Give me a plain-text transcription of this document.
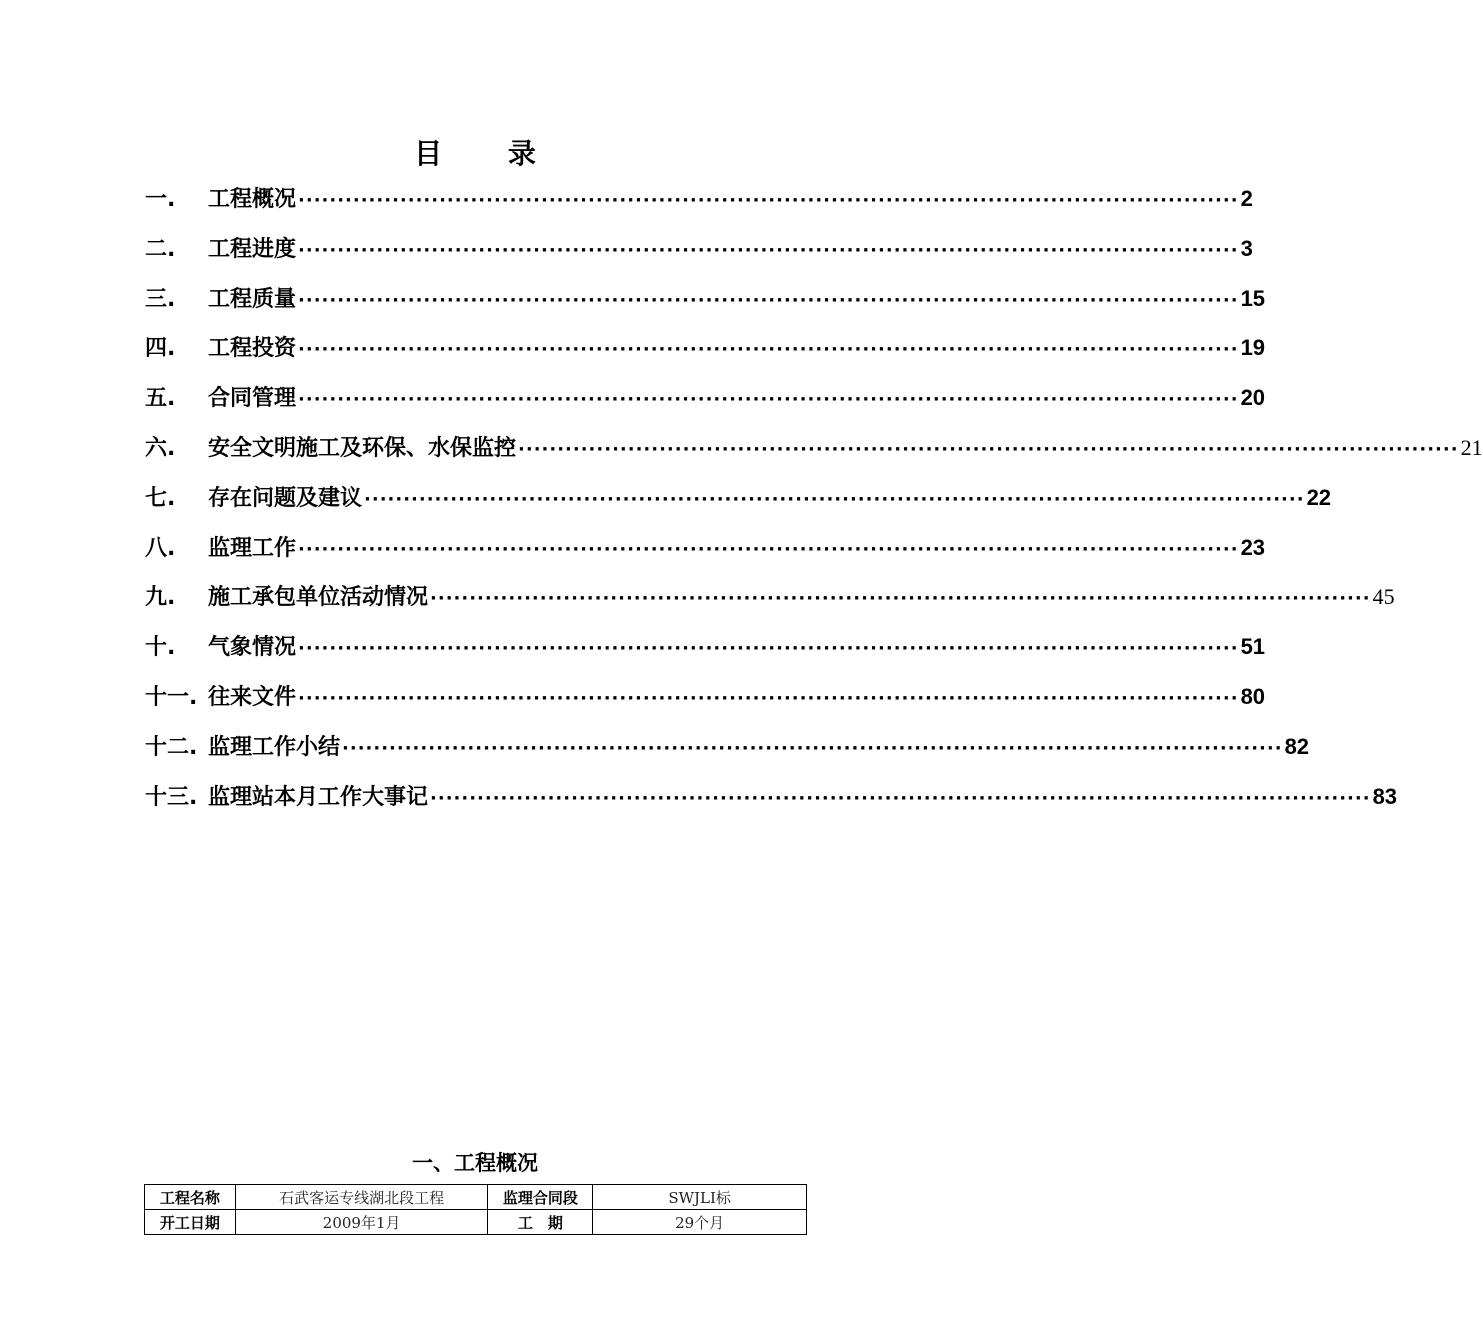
目 录
一.	工程概况 ························································································································ 2
二.	工程进度 ························································································································ 3
三.	工程质量 ························································································································ 15
四.	工程投资 ························································································································ 19
五.	合同管理 ························································································································ 20
六.	安全文明施工及环保、水保监控 ························································································································ 21
七.	存在问题及建议 ························································································································ 22
八.	监理工作 ························································································································ 23
九.	施工承包单位活动情况 ························································································································ 45
十.	气象情况 ························································································································ 51
十一. 往来文件 ························································································································ 80
十二. 监理工作小结 ························································································································ 82
十三. 监理站本月工作大事记 ························································································································ 83
一、工程概况
工程名称	石武客运专线湖北段工程	监理合同段	SWJLⅠ标
开工日期	2009年1月	工　期	29个月
